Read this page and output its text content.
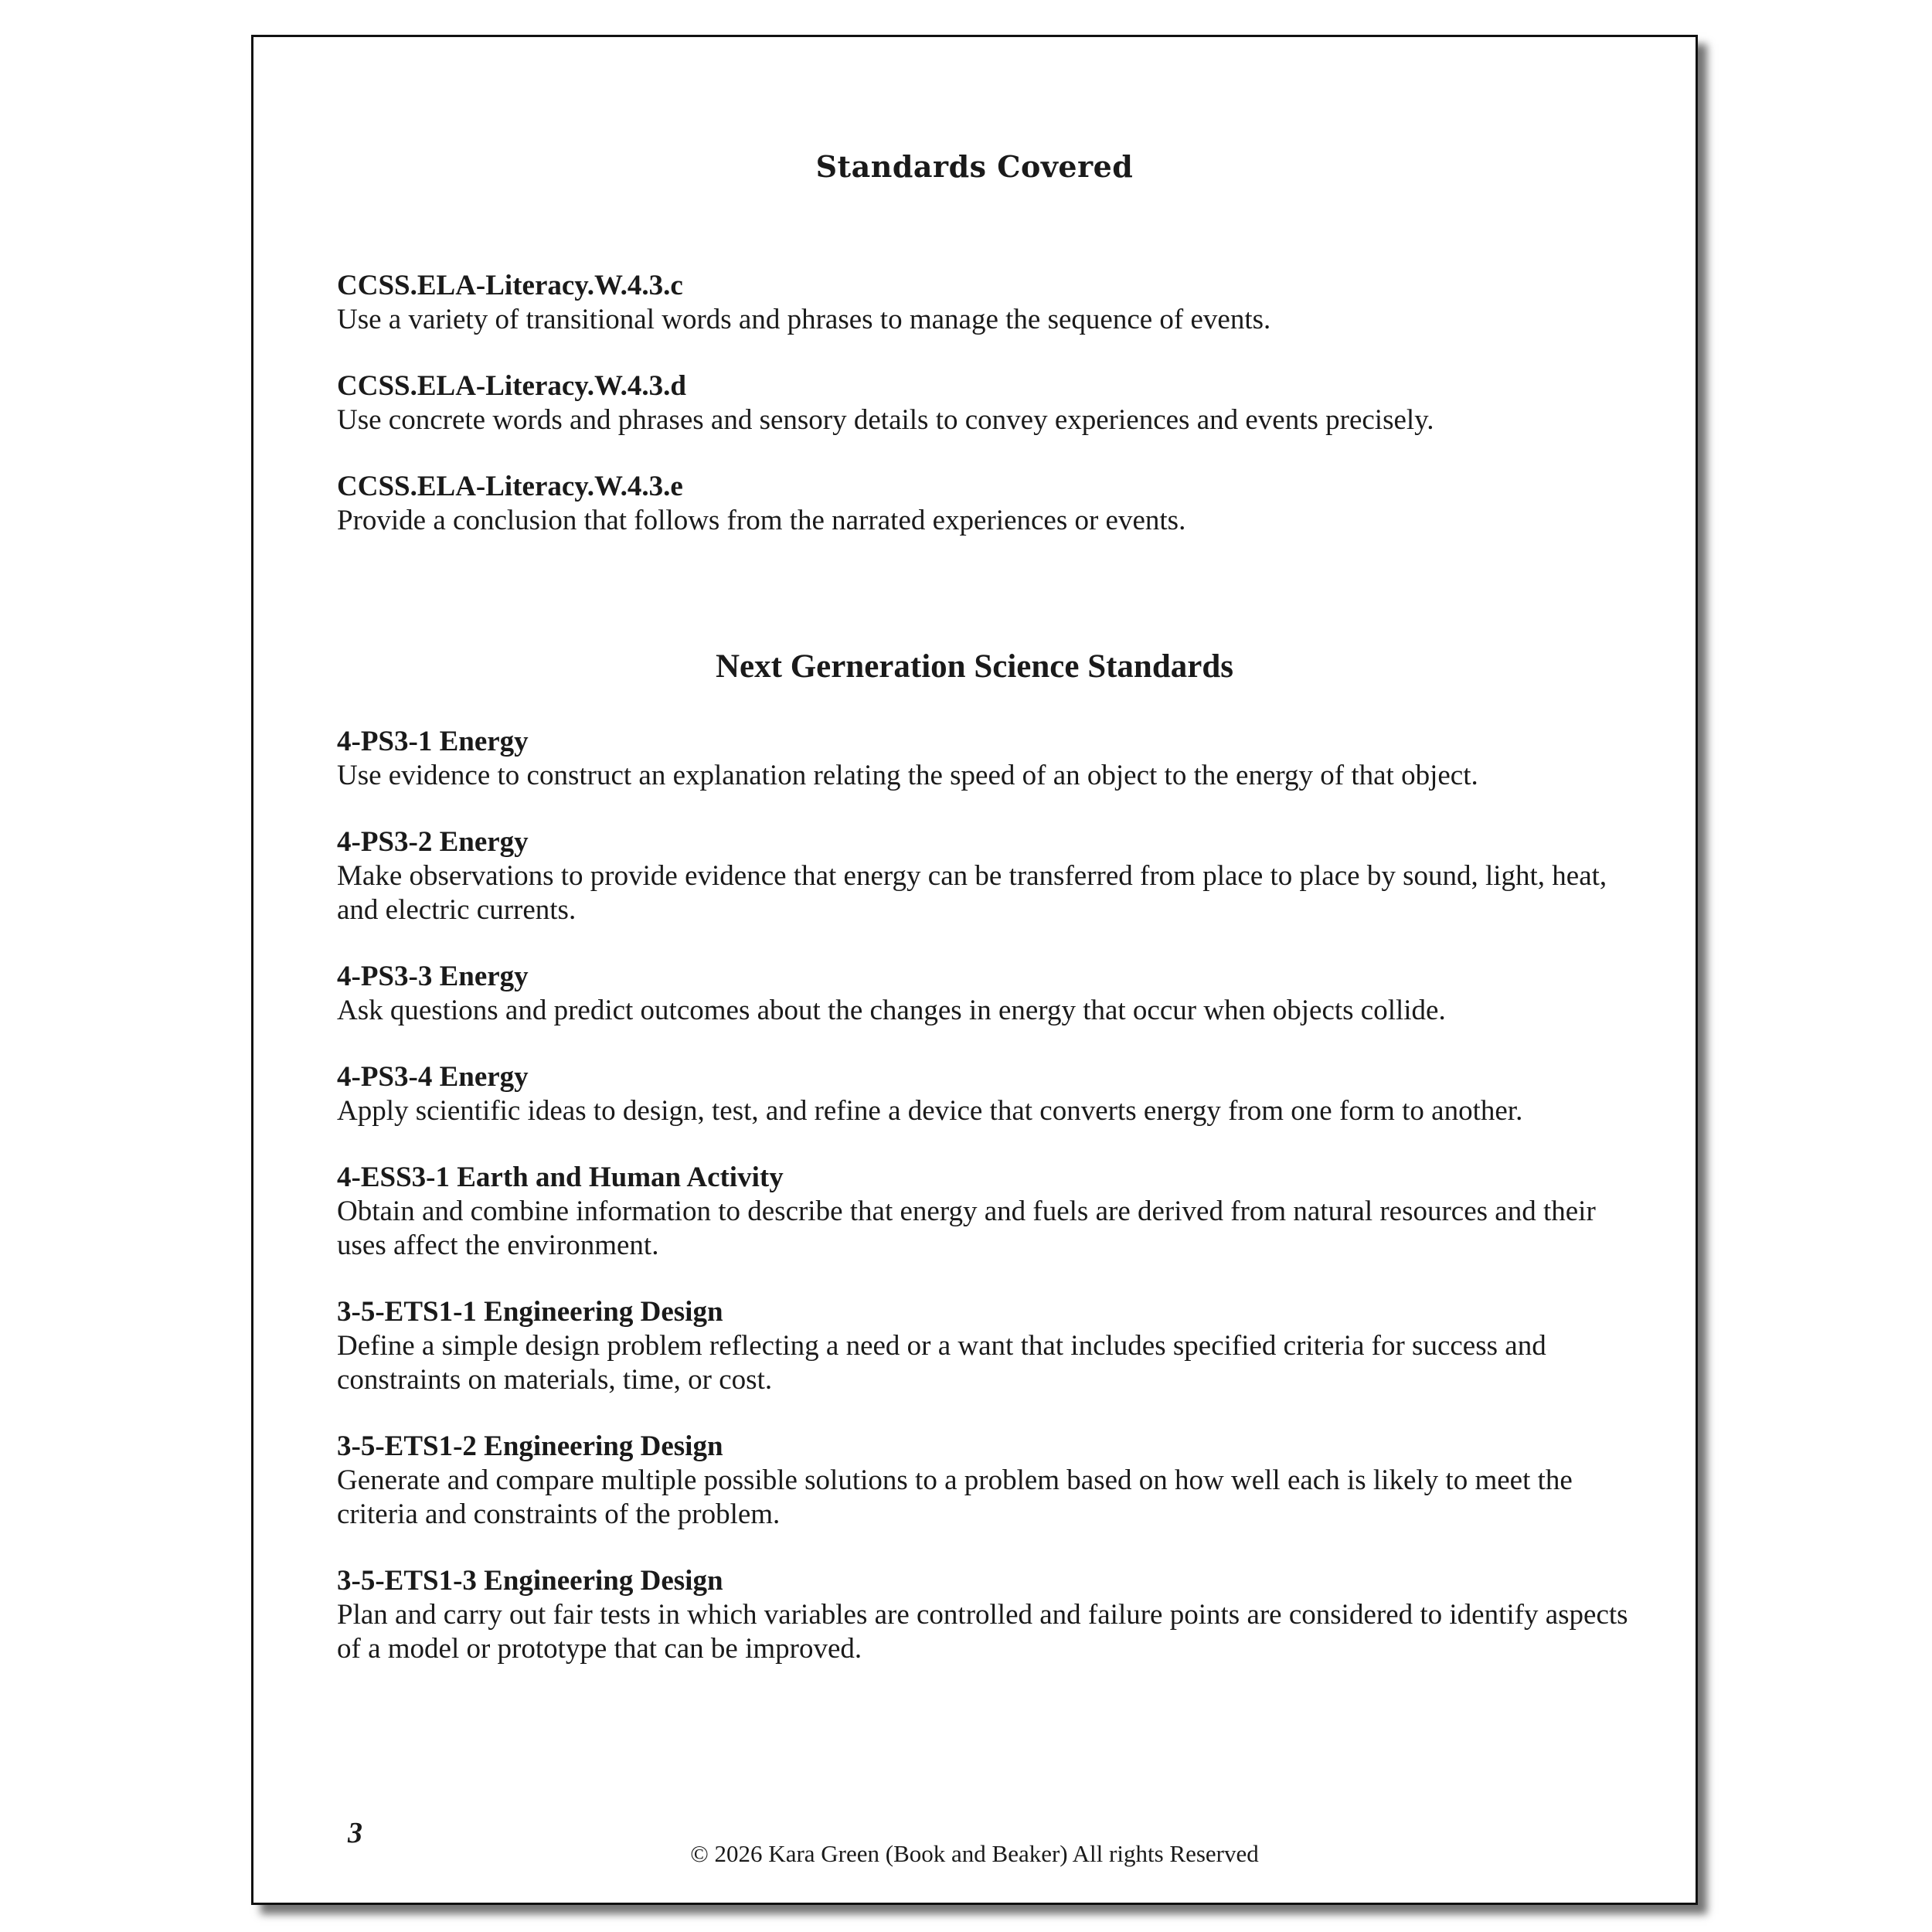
Standards Covered
CCSS.ELA-Literacy.W.4.3.c
Use a variety of transitional words and phrases to manage the sequence of events.
CCSS.ELA-Literacy.W.4.3.d
Use concrete words and phrases and sensory details to convey experiences and events precisely.
CCSS.ELA-Literacy.W.4.3.e
Provide a conclusion that follows from the narrated experiences or events.
Next Gerneration Science Standards
4-PS3-1 Energy
Use evidence to construct an explanation relating the speed of an object to the energy of that object.
4-PS3-2 Energy
Make observations to provide evidence that energy can be transferred from place to place by sound, light, heat, and electric currents.
4-PS3-3 Energy
Ask questions and predict outcomes about the changes in energy that occur when objects collide.
4-PS3-4 Energy
Apply scientific ideas to design, test, and refine a device that converts energy from one form to another.
4-ESS3-1 Earth and Human Activity
Obtain and combine information to describe that energy and fuels are derived from natural resources and their uses affect the environment.
3-5-ETS1-1 Engineering Design
Define a simple design problem reflecting a need or a want that includes specified criteria for success and constraints on materials, time, or cost.
3-5-ETS1-2 Engineering Design
Generate and compare multiple possible solutions to a problem based on how well each is likely to meet the criteria and constraints of the problem.
3-5-ETS1-3 Engineering Design
Plan and carry out fair tests in which variables are controlled and failure points are considered to identify aspects of a model or prototype that can be improved.
3
© 2026 Kara Green (Book and Beaker) All rights Reserved
